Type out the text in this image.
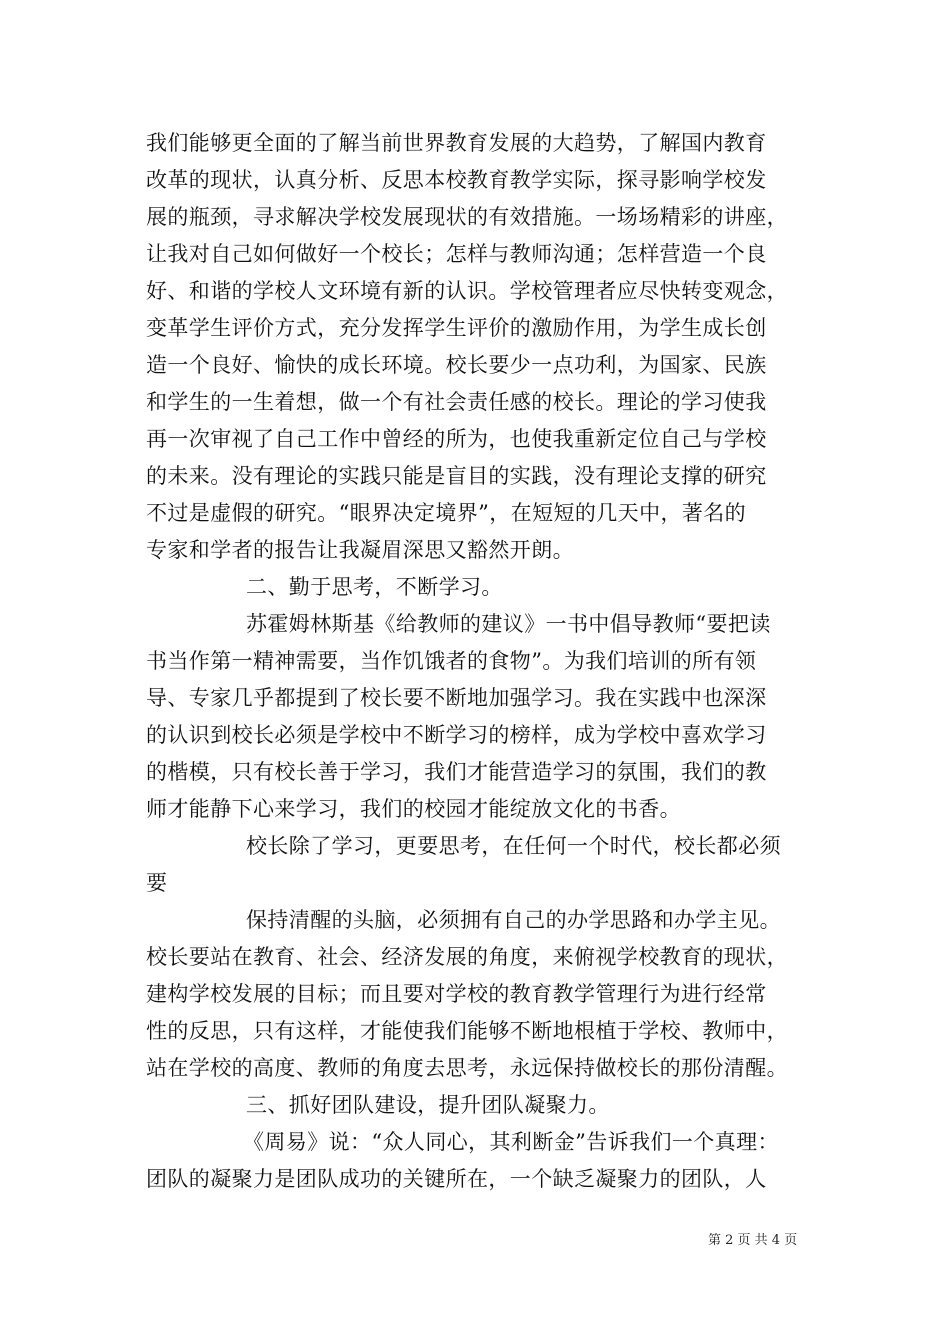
我们能够更全面的了解当前世界教育发展的大趋势，了解国内教育
改革的现状，认真分析、反思本校教育教学实际，探寻影响学校发
展的瓶颈，寻求解决学校发展现状的有效措施。一场场精彩的讲座，
让我对自己如何做好一个校长；怎样与教师沟通；怎样营造一个良
好、和谐的学校人文环境有新的认识。学校管理者应尽快转变观念，
变革学生评价方式，充分发挥学生评价的激励作用，为学生成长创
造一个良好、愉快的成长环境。校长要少一点功利，为国家、民族
和学生的一生着想，做一个有社会责任感的校长。理论的学习使我
再一次审视了自己工作中曾经的所为，也使我重新定位自己与学校
的未来。没有理论的实践只能是盲目的实践，没有理论支撑的研究
不过是虚假的研究。“眼界决定境界”，在短短的几天中，著名的
专家和学者的报告让我凝眉深思又豁然开朗。
二、勤于思考，不断学习。
苏霍姆林斯基《给教师的建议》一书中倡导教师“要把读
书当作第一精神需要，当作饥饿者的食物”。为我们培训的所有领
导、专家几乎都提到了校长要不断地加强学习。我在实践中也深深
的认识到校长必须是学校中不断学习的榜样，成为学校中喜欢学习
的楷模，只有校长善于学习，我们才能营造学习的氛围，我们的教
师才能静下心来学习，我们的校园才能绽放文化的书香。
校长除了学习，更要思考，在任何一个时代，校长都必须
要
保持清醒的头脑，必须拥有自己的办学思路和办学主见。
校长要站在教育、社会、经济发展的角度，来俯视学校教育的现状，
建构学校发展的目标；而且要对学校的教育教学管理行为进行经常
性的反思，只有这样，才能使我们能够不断地根植于学校、教师中，
站在学校的高度、教师的角度去思考，永远保持做校长的那份清醒。
三、抓好团队建设，提升团队凝聚力。
《周易》说：“众人同心，其利断金”告诉我们一个真理：
团队的凝聚力是团队成功的关键所在，一个缺乏凝聚力的团队，人
第 2 页 共 4 页
